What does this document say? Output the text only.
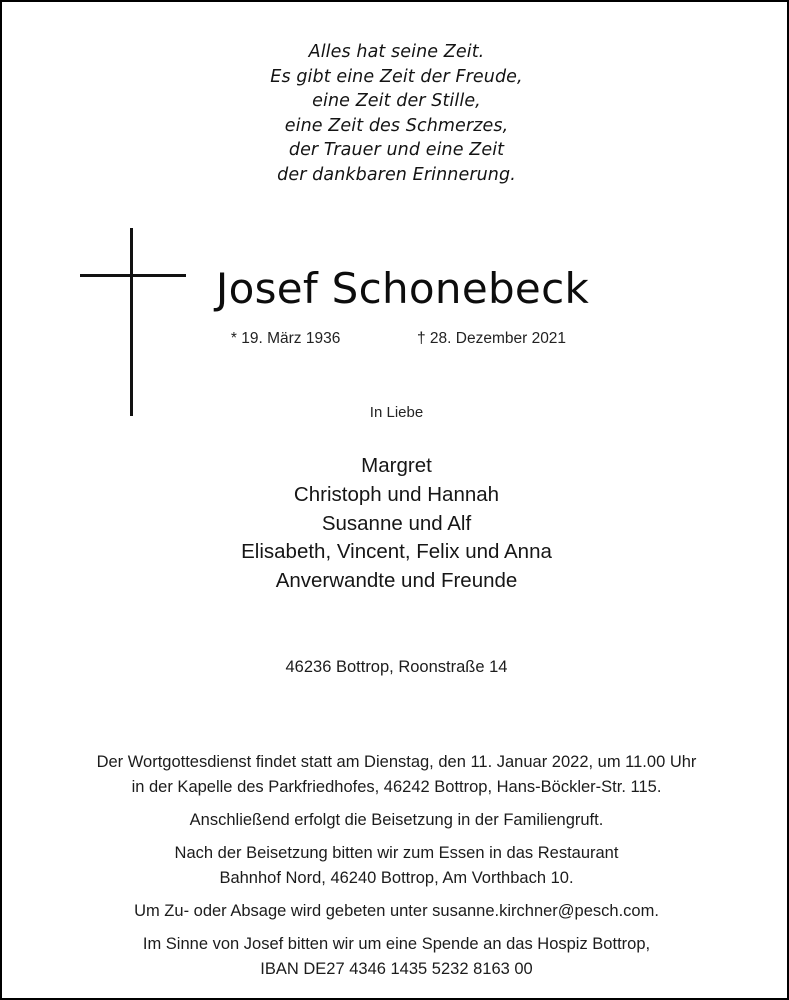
Alles hat seine Zeit.
Es gibt eine Zeit der Freude,
eine Zeit der Stille,
eine Zeit des Schmerzes,
der Trauer und eine Zeit
der dankbaren Erinnerung.
Josef Schonebeck
* 19. März 1936	† 28. Dezember 2021
In Liebe
Margret
Christoph und Hannah
Susanne und Alf
Elisabeth, Vincent, Felix und Anna
Anverwandte und Freunde
46236 Bottrop, Roonstraße 14
Der Wortgottesdienst findet statt am Dienstag, den 11. Januar 2022, um 11.00 Uhr
in der Kapelle des Parkfriedhofes, 46242 Bottrop, Hans-Böckler-Str. 115.
Anschließend erfolgt die Beisetzung in der Familiengruft.
Nach der Beisetzung bitten wir zum Essen in das Restaurant
Bahnhof Nord, 46240 Bottrop, Am Vorthbach 10.
Um Zu- oder Absage wird gebeten unter susanne.kirchner@pesch.com.
Im Sinne von Josef bitten wir um eine Spende an das Hospiz Bottrop,
IBAN DE27 4346 1435 5232 8163 00
